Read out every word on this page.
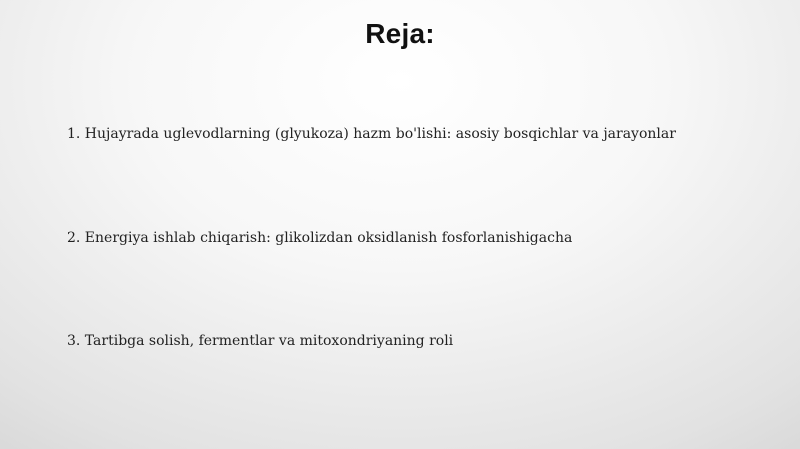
Reja:
1. Hujayrada uglevodlarning (glyukoza) hazm bo'lishi: asosiy bosqichlar va jarayonlar
2. Energiya ishlab chiqarish: glikolizdan oksidlanish fosforlanishigacha
3. Tartibga solish, fermentlar va mitoxondriyaning roli
